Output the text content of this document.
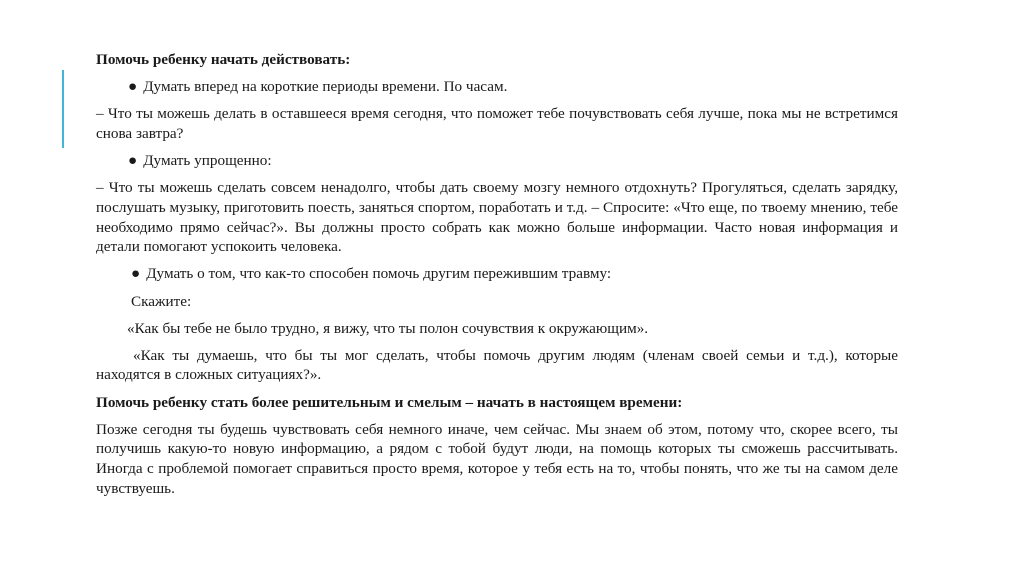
Помочь ребенку начать действовать:

● Думать вперед на короткие периоды времени. По часам.

– Что ты можешь делать в оставшееся время сегодня, что поможет тебе почувствовать себя лучше, пока мы не встретимся снова завтра?

● Думать упрощенно:

– Что ты можешь сделать совсем ненадолго, чтобы дать своему мозгу немного отдохнуть? Прогуляться, сделать зарядку, послушать музыку, приготовить поесть, заняться спортом, поработать и т.д. – Спросите: «Что еще, по твоему мнению, тебе необходимо прямо сейчас?». Вы должны просто собрать как можно больше информации. Часто новая информация и детали помогают успокоить человека.

● Думать о том, что как-то способен помочь другим пережившим травму:

Скажите:

«Как бы тебе не было трудно, я вижу, что ты полон сочувствия к окружающим».

«Как ты думаешь, что бы ты мог сделать, чтобы помочь другим людям (членам своей семьи и т.д.), которые находятся в сложных ситуациях?».

Помочь ребенку стать более решительным и смелым – начать в настоящем времени:

Позже сегодня ты будешь чувствовать себя немного иначе, чем сейчас. Мы знаем об этом, потому что, скорее всего, ты получишь какую-то новую информацию, а рядом с тобой будут люди, на помощь которых ты сможешь рассчитывать. Иногда с проблемой помогает справиться просто время, которое у тебя есть на то, чтобы понять, что же ты на самом деле чувствуешь.
